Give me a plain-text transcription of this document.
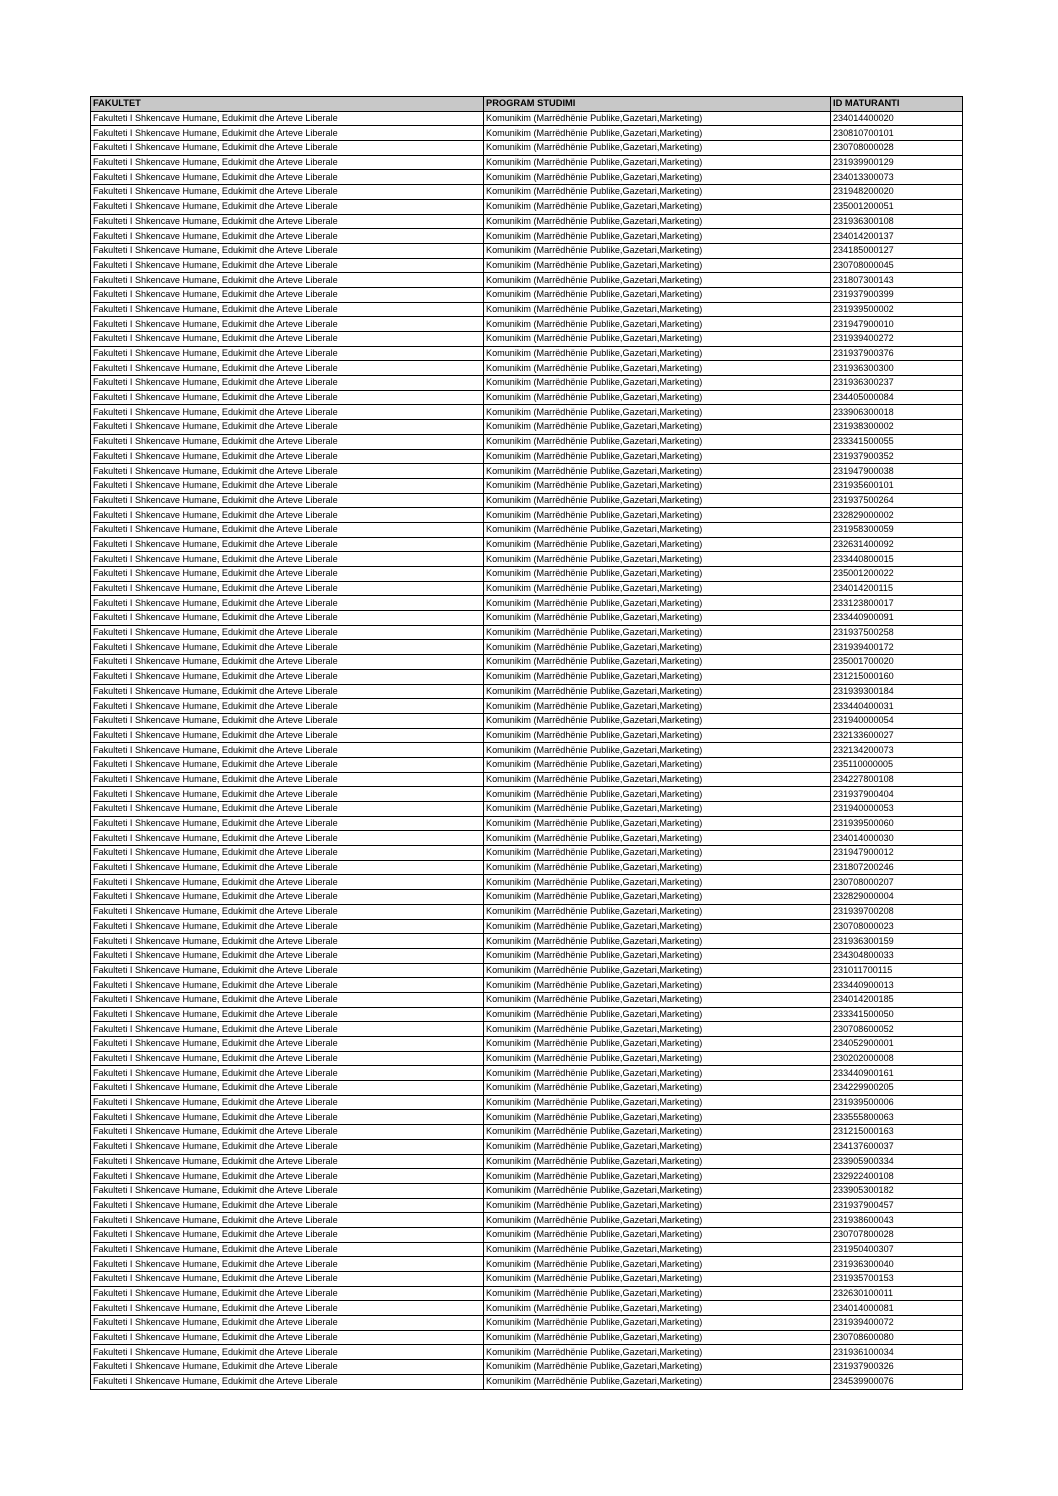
FAKULTET	PROGRAM STUDIMI	ID MATURANTI
Fakulteti I Shkencave Humane, Edukimit dhe Arteve Liberale	Komunikim (Marrëdhënie Publike,Gazetari,Marketing)	234014400020
Fakulteti I Shkencave Humane, Edukimit dhe Arteve Liberale	Komunikim (Marrëdhënie Publike,Gazetari,Marketing)	230810700101
Fakulteti I Shkencave Humane, Edukimit dhe Arteve Liberale	Komunikim (Marrëdhënie Publike,Gazetari,Marketing)	230708000028
Fakulteti I Shkencave Humane, Edukimit dhe Arteve Liberale	Komunikim (Marrëdhënie Publike,Gazetari,Marketing)	231939900129
Fakulteti I Shkencave Humane, Edukimit dhe Arteve Liberale	Komunikim (Marrëdhënie Publike,Gazetari,Marketing)	234013300073
Fakulteti I Shkencave Humane, Edukimit dhe Arteve Liberale	Komunikim (Marrëdhënie Publike,Gazetari,Marketing)	231948200020
Fakulteti I Shkencave Humane, Edukimit dhe Arteve Liberale	Komunikim (Marrëdhënie Publike,Gazetari,Marketing)	235001200051
Fakulteti I Shkencave Humane, Edukimit dhe Arteve Liberale	Komunikim (Marrëdhënie Publike,Gazetari,Marketing)	231936300108
Fakulteti I Shkencave Humane, Edukimit dhe Arteve Liberale	Komunikim (Marrëdhënie Publike,Gazetari,Marketing)	234014200137
Fakulteti I Shkencave Humane, Edukimit dhe Arteve Liberale	Komunikim (Marrëdhënie Publike,Gazetari,Marketing)	234185000127
Fakulteti I Shkencave Humane, Edukimit dhe Arteve Liberale	Komunikim (Marrëdhënie Publike,Gazetari,Marketing)	230708000045
Fakulteti I Shkencave Humane, Edukimit dhe Arteve Liberale	Komunikim (Marrëdhënie Publike,Gazetari,Marketing)	231807300143
Fakulteti I Shkencave Humane, Edukimit dhe Arteve Liberale	Komunikim (Marrëdhënie Publike,Gazetari,Marketing)	231937900399
Fakulteti I Shkencave Humane, Edukimit dhe Arteve Liberale	Komunikim (Marrëdhënie Publike,Gazetari,Marketing)	231939500002
Fakulteti I Shkencave Humane, Edukimit dhe Arteve Liberale	Komunikim (Marrëdhënie Publike,Gazetari,Marketing)	231947900010
Fakulteti I Shkencave Humane, Edukimit dhe Arteve Liberale	Komunikim (Marrëdhënie Publike,Gazetari,Marketing)	231939400272
Fakulteti I Shkencave Humane, Edukimit dhe Arteve Liberale	Komunikim (Marrëdhënie Publike,Gazetari,Marketing)	231937900376
Fakulteti I Shkencave Humane, Edukimit dhe Arteve Liberale	Komunikim (Marrëdhënie Publike,Gazetari,Marketing)	231936300300
Fakulteti I Shkencave Humane, Edukimit dhe Arteve Liberale	Komunikim (Marrëdhënie Publike,Gazetari,Marketing)	231936300237
Fakulteti I Shkencave Humane, Edukimit dhe Arteve Liberale	Komunikim (Marrëdhënie Publike,Gazetari,Marketing)	234405000084
Fakulteti I Shkencave Humane, Edukimit dhe Arteve Liberale	Komunikim (Marrëdhënie Publike,Gazetari,Marketing)	233906300018
Fakulteti I Shkencave Humane, Edukimit dhe Arteve Liberale	Komunikim (Marrëdhënie Publike,Gazetari,Marketing)	231938300002
Fakulteti I Shkencave Humane, Edukimit dhe Arteve Liberale	Komunikim (Marrëdhënie Publike,Gazetari,Marketing)	233341500055
Fakulteti I Shkencave Humane, Edukimit dhe Arteve Liberale	Komunikim (Marrëdhënie Publike,Gazetari,Marketing)	231937900352
Fakulteti I Shkencave Humane, Edukimit dhe Arteve Liberale	Komunikim (Marrëdhënie Publike,Gazetari,Marketing)	231947900038
Fakulteti I Shkencave Humane, Edukimit dhe Arteve Liberale	Komunikim (Marrëdhënie Publike,Gazetari,Marketing)	231935600101
Fakulteti I Shkencave Humane, Edukimit dhe Arteve Liberale	Komunikim (Marrëdhënie Publike,Gazetari,Marketing)	231937500264
Fakulteti I Shkencave Humane, Edukimit dhe Arteve Liberale	Komunikim (Marrëdhënie Publike,Gazetari,Marketing)	232829000002
Fakulteti I Shkencave Humane, Edukimit dhe Arteve Liberale	Komunikim (Marrëdhënie Publike,Gazetari,Marketing)	231958300059
Fakulteti I Shkencave Humane, Edukimit dhe Arteve Liberale	Komunikim (Marrëdhënie Publike,Gazetari,Marketing)	232631400092
Fakulteti I Shkencave Humane, Edukimit dhe Arteve Liberale	Komunikim (Marrëdhënie Publike,Gazetari,Marketing)	233440800015
Fakulteti I Shkencave Humane, Edukimit dhe Arteve Liberale	Komunikim (Marrëdhënie Publike,Gazetari,Marketing)	235001200022
Fakulteti I Shkencave Humane, Edukimit dhe Arteve Liberale	Komunikim (Marrëdhënie Publike,Gazetari,Marketing)	234014200115
Fakulteti I Shkencave Humane, Edukimit dhe Arteve Liberale	Komunikim (Marrëdhënie Publike,Gazetari,Marketing)	233123800017
Fakulteti I Shkencave Humane, Edukimit dhe Arteve Liberale	Komunikim (Marrëdhënie Publike,Gazetari,Marketing)	233440900091
Fakulteti I Shkencave Humane, Edukimit dhe Arteve Liberale	Komunikim (Marrëdhënie Publike,Gazetari,Marketing)	231937500258
Fakulteti I Shkencave Humane, Edukimit dhe Arteve Liberale	Komunikim (Marrëdhënie Publike,Gazetari,Marketing)	231939400172
Fakulteti I Shkencave Humane, Edukimit dhe Arteve Liberale	Komunikim (Marrëdhënie Publike,Gazetari,Marketing)	235001700020
Fakulteti I Shkencave Humane, Edukimit dhe Arteve Liberale	Komunikim (Marrëdhënie Publike,Gazetari,Marketing)	231215000160
Fakulteti I Shkencave Humane, Edukimit dhe Arteve Liberale	Komunikim (Marrëdhënie Publike,Gazetari,Marketing)	231939300184
Fakulteti I Shkencave Humane, Edukimit dhe Arteve Liberale	Komunikim (Marrëdhënie Publike,Gazetari,Marketing)	233440400031
Fakulteti I Shkencave Humane, Edukimit dhe Arteve Liberale	Komunikim (Marrëdhënie Publike,Gazetari,Marketing)	231940000054
Fakulteti I Shkencave Humane, Edukimit dhe Arteve Liberale	Komunikim (Marrëdhënie Publike,Gazetari,Marketing)	232133600027
Fakulteti I Shkencave Humane, Edukimit dhe Arteve Liberale	Komunikim (Marrëdhënie Publike,Gazetari,Marketing)	232134200073
Fakulteti I Shkencave Humane, Edukimit dhe Arteve Liberale	Komunikim (Marrëdhënie Publike,Gazetari,Marketing)	235110000005
Fakulteti I Shkencave Humane, Edukimit dhe Arteve Liberale	Komunikim (Marrëdhënie Publike,Gazetari,Marketing)	234227800108
Fakulteti I Shkencave Humane, Edukimit dhe Arteve Liberale	Komunikim (Marrëdhënie Publike,Gazetari,Marketing)	231937900404
Fakulteti I Shkencave Humane, Edukimit dhe Arteve Liberale	Komunikim (Marrëdhënie Publike,Gazetari,Marketing)	231940000053
Fakulteti I Shkencave Humane, Edukimit dhe Arteve Liberale	Komunikim (Marrëdhënie Publike,Gazetari,Marketing)	231939500060
Fakulteti I Shkencave Humane, Edukimit dhe Arteve Liberale	Komunikim (Marrëdhënie Publike,Gazetari,Marketing)	234014000030
Fakulteti I Shkencave Humane, Edukimit dhe Arteve Liberale	Komunikim (Marrëdhënie Publike,Gazetari,Marketing)	231947900012
Fakulteti I Shkencave Humane, Edukimit dhe Arteve Liberale	Komunikim (Marrëdhënie Publike,Gazetari,Marketing)	231807200246
Fakulteti I Shkencave Humane, Edukimit dhe Arteve Liberale	Komunikim (Marrëdhënie Publike,Gazetari,Marketing)	230708000207
Fakulteti I Shkencave Humane, Edukimit dhe Arteve Liberale	Komunikim (Marrëdhënie Publike,Gazetari,Marketing)	232829000004
Fakulteti I Shkencave Humane, Edukimit dhe Arteve Liberale	Komunikim (Marrëdhënie Publike,Gazetari,Marketing)	231939700208
Fakulteti I Shkencave Humane, Edukimit dhe Arteve Liberale	Komunikim (Marrëdhënie Publike,Gazetari,Marketing)	230708000023
Fakulteti I Shkencave Humane, Edukimit dhe Arteve Liberale	Komunikim (Marrëdhënie Publike,Gazetari,Marketing)	231936300159
Fakulteti I Shkencave Humane, Edukimit dhe Arteve Liberale	Komunikim (Marrëdhënie Publike,Gazetari,Marketing)	234304800033
Fakulteti I Shkencave Humane, Edukimit dhe Arteve Liberale	Komunikim (Marrëdhënie Publike,Gazetari,Marketing)	231011700115
Fakulteti I Shkencave Humane, Edukimit dhe Arteve Liberale	Komunikim (Marrëdhënie Publike,Gazetari,Marketing)	233440900013
Fakulteti I Shkencave Humane, Edukimit dhe Arteve Liberale	Komunikim (Marrëdhënie Publike,Gazetari,Marketing)	234014200185
Fakulteti I Shkencave Humane, Edukimit dhe Arteve Liberale	Komunikim (Marrëdhënie Publike,Gazetari,Marketing)	233341500050
Fakulteti I Shkencave Humane, Edukimit dhe Arteve Liberale	Komunikim (Marrëdhënie Publike,Gazetari,Marketing)	230708600052
Fakulteti I Shkencave Humane, Edukimit dhe Arteve Liberale	Komunikim (Marrëdhënie Publike,Gazetari,Marketing)	234052900001
Fakulteti I Shkencave Humane, Edukimit dhe Arteve Liberale	Komunikim (Marrëdhënie Publike,Gazetari,Marketing)	230202000008
Fakulteti I Shkencave Humane, Edukimit dhe Arteve Liberale	Komunikim (Marrëdhënie Publike,Gazetari,Marketing)	233440900161
Fakulteti I Shkencave Humane, Edukimit dhe Arteve Liberale	Komunikim (Marrëdhënie Publike,Gazetari,Marketing)	234229900205
Fakulteti I Shkencave Humane, Edukimit dhe Arteve Liberale	Komunikim (Marrëdhënie Publike,Gazetari,Marketing)	231939500006
Fakulteti I Shkencave Humane, Edukimit dhe Arteve Liberale	Komunikim (Marrëdhënie Publike,Gazetari,Marketing)	233555800063
Fakulteti I Shkencave Humane, Edukimit dhe Arteve Liberale	Komunikim (Marrëdhënie Publike,Gazetari,Marketing)	231215000163
Fakulteti I Shkencave Humane, Edukimit dhe Arteve Liberale	Komunikim (Marrëdhënie Publike,Gazetari,Marketing)	234137600037
Fakulteti I Shkencave Humane, Edukimit dhe Arteve Liberale	Komunikim (Marrëdhënie Publike,Gazetari,Marketing)	233905900334
Fakulteti I Shkencave Humane, Edukimit dhe Arteve Liberale	Komunikim (Marrëdhënie Publike,Gazetari,Marketing)	232922400108
Fakulteti I Shkencave Humane, Edukimit dhe Arteve Liberale	Komunikim (Marrëdhënie Publike,Gazetari,Marketing)	233905300182
Fakulteti I Shkencave Humane, Edukimit dhe Arteve Liberale	Komunikim (Marrëdhënie Publike,Gazetari,Marketing)	231937900457
Fakulteti I Shkencave Humane, Edukimit dhe Arteve Liberale	Komunikim (Marrëdhënie Publike,Gazetari,Marketing)	231938600043
Fakulteti I Shkencave Humane, Edukimit dhe Arteve Liberale	Komunikim (Marrëdhënie Publike,Gazetari,Marketing)	230707800028
Fakulteti I Shkencave Humane, Edukimit dhe Arteve Liberale	Komunikim (Marrëdhënie Publike,Gazetari,Marketing)	231950400307
Fakulteti I Shkencave Humane, Edukimit dhe Arteve Liberale	Komunikim (Marrëdhënie Publike,Gazetari,Marketing)	231936300040
Fakulteti I Shkencave Humane, Edukimit dhe Arteve Liberale	Komunikim (Marrëdhënie Publike,Gazetari,Marketing)	231935700153
Fakulteti I Shkencave Humane, Edukimit dhe Arteve Liberale	Komunikim (Marrëdhënie Publike,Gazetari,Marketing)	232630100011
Fakulteti I Shkencave Humane, Edukimit dhe Arteve Liberale	Komunikim (Marrëdhënie Publike,Gazetari,Marketing)	234014000081
Fakulteti I Shkencave Humane, Edukimit dhe Arteve Liberale	Komunikim (Marrëdhënie Publike,Gazetari,Marketing)	231939400072
Fakulteti I Shkencave Humane, Edukimit dhe Arteve Liberale	Komunikim (Marrëdhënie Publike,Gazetari,Marketing)	230708600080
Fakulteti I Shkencave Humane, Edukimit dhe Arteve Liberale	Komunikim (Marrëdhënie Publike,Gazetari,Marketing)	231936100034
Fakulteti I Shkencave Humane, Edukimit dhe Arteve Liberale	Komunikim (Marrëdhënie Publike,Gazetari,Marketing)	231937900326
Fakulteti I Shkencave Humane, Edukimit dhe Arteve Liberale	Komunikim (Marrëdhënie Publike,Gazetari,Marketing)	234539900076
